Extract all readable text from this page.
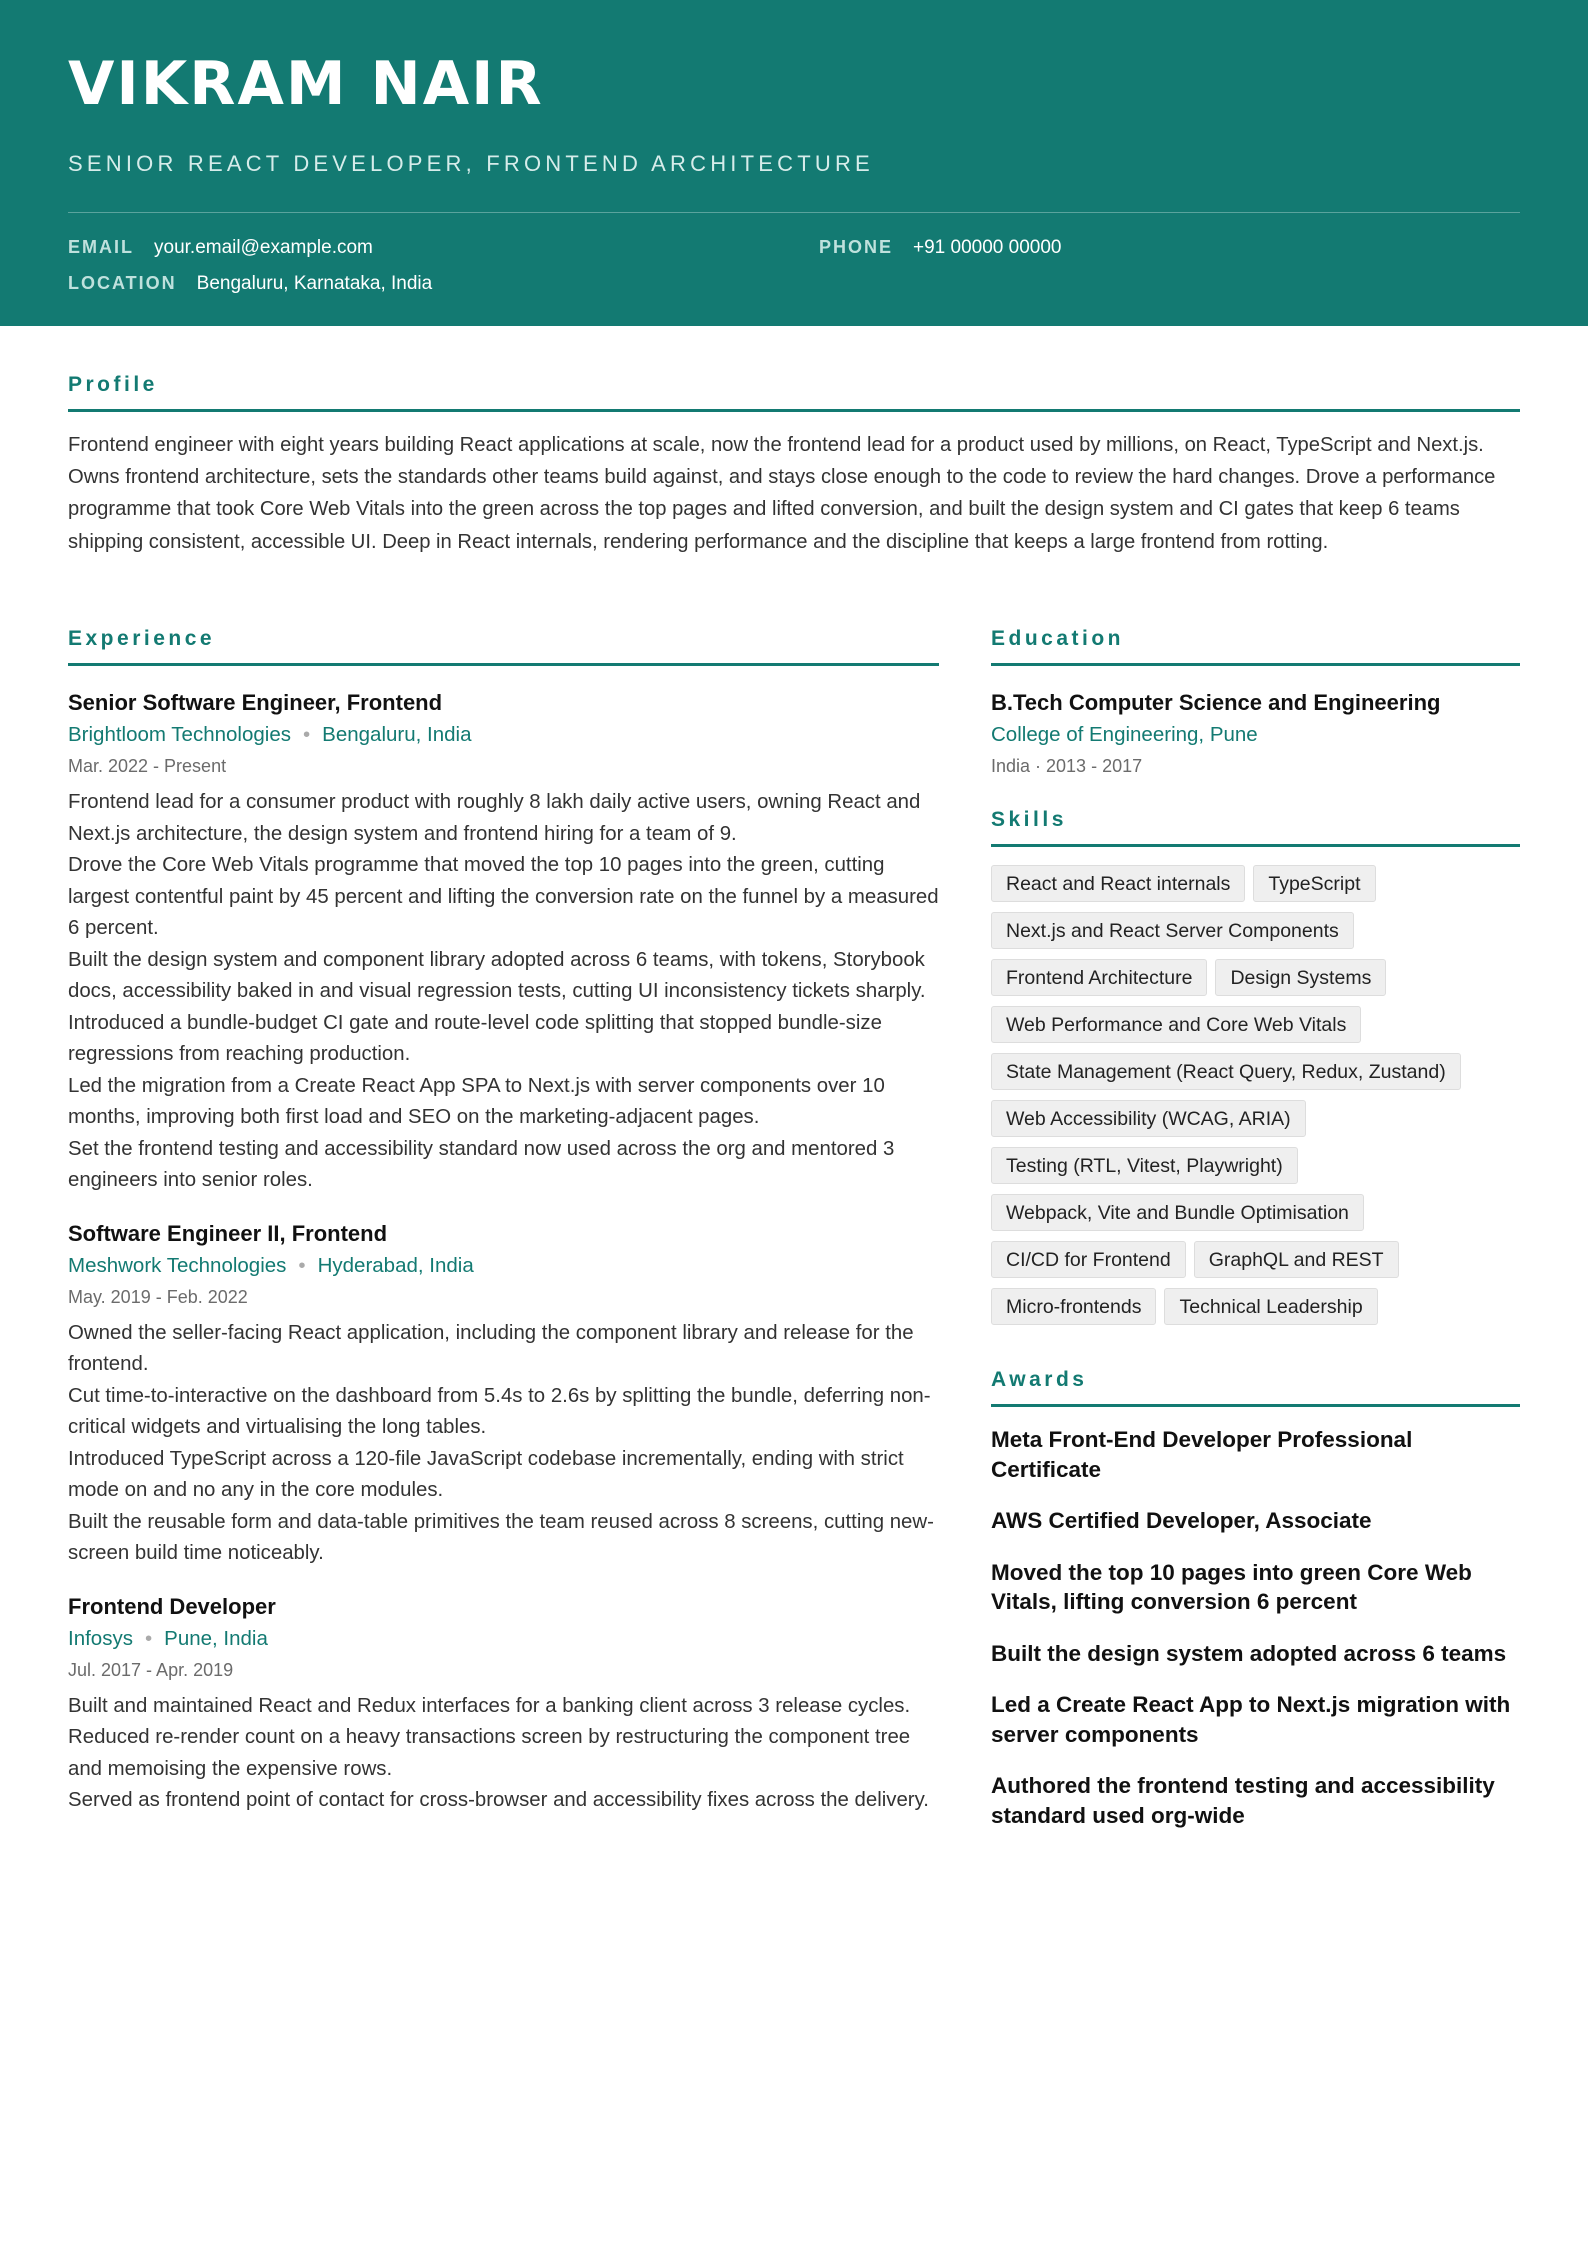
VIKRAM NAIR
SENIOR REACT DEVELOPER, FRONTEND ARCHITECTURE
EMAIL your.email@example.com	PHONE +91 00000 00000
LOCATION Bengaluru, Karnataka, India
Profile

Frontend engineer with eight years building React applications at scale, now the frontend lead for a product used by millions, on React, TypeScript and Next.js. Owns frontend architecture, sets the standards other teams build against, and stays close enough to the code to review the hard changes. Drove a performance programme that took Core Web Vitals into the green across the top pages and lifted conversion, and built the design system and CI gates that keep 6 teams shipping consistent, accessible UI. Deep in React internals, rendering performance and the discipline that keeps a large frontend from rotting.

Experience
Senior Software Engineer, Frontend
Brightloom Technologies • Bengaluru, India
Mar. 2022 - Present
Frontend lead for a consumer product with roughly 8 lakh daily active users, owning React and Next.js architecture, the design system and frontend hiring for a team of 9.
Drove the Core Web Vitals programme that moved the top 10 pages into the green, cutting largest contentful paint by 45 percent and lifting the conversion rate on the funnel by a measured 6 percent.
Built the design system and component library adopted across 6 teams, with tokens, Storybook docs, accessibility baked in and visual regression tests, cutting UI inconsistency tickets sharply.
Introduced a bundle-budget CI gate and route-level code splitting that stopped bundle-size regressions from reaching production.
Led the migration from a Create React App SPA to Next.js with server components over 10 months, improving both first load and SEO on the marketing-adjacent pages.
Set the frontend testing and accessibility standard now used across the org and mentored 3 engineers into senior roles.
Software Engineer II, Frontend
Meshwork Technologies • Hyderabad, India
May. 2019 - Feb. 2022
Owned the seller-facing React application, including the component library and release for the frontend.
Cut time-to-interactive on the dashboard from 5.4s to 2.6s by splitting the bundle, deferring non-critical widgets and virtualising the long tables.
Introduced TypeScript across a 120-file JavaScript codebase incrementally, ending with strict mode on and no any in the core modules.
Built the reusable form and data-table primitives the team reused across 8 screens, cutting new-screen build time noticeably.
Frontend Developer
Infosys • Pune, India
Jul. 2017 - Apr. 2019
Built and maintained React and Redux interfaces for a banking client across 3 release cycles.
Reduced re-render count on a heavy transactions screen by restructuring the component tree and memoising the expensive rows.
Served as frontend point of contact for cross-browser and accessibility fixes across the delivery.
Education
B.Tech Computer Science and Engineering
College of Engineering, Pune
India · 2013 - 2017
Skills
React and React internals	TypeScript
Next.js and React Server Components
Frontend Architecture	Design Systems
Web Performance and Core Web Vitals
State Management (React Query, Redux, Zustand)
Web Accessibility (WCAG, ARIA)
Testing (RTL, Vitest, Playwright)
Webpack, Vite and Bundle Optimisation
CI/CD for Frontend	GraphQL and REST
Micro-frontends	Technical Leadership
Awards
Meta Front-End Developer Professional Certificate
AWS Certified Developer, Associate
Moved the top 10 pages into green Core Web Vitals, lifting conversion 6 percent
Built the design system adopted across 6 teams
Led a Create React App to Next.js migration with server components
Authored the frontend testing and accessibility standard used org-wide
